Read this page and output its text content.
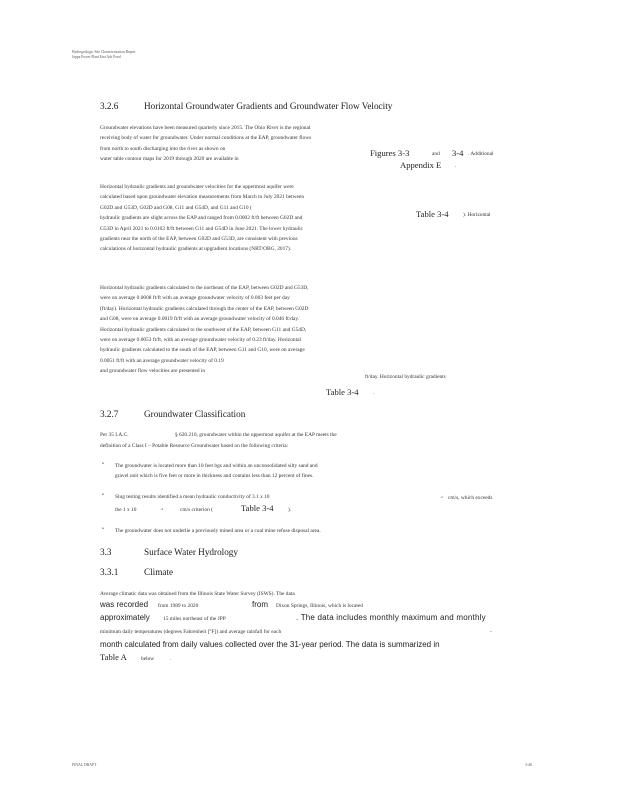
Hydrogeologic Site Characterization Report
Joppa Power Plant East Ash Pond
3.2.6	Horizontal Groundwater Gradients and Groundwater Flow Velocity
Groundwater elevations have been measured quarterly since 2015. The Ohio River is the regional
receiving body of water for groundwater. Under normal conditions at the EAP, groundwater flows
from north to south discharging into the river as shown on
water table contour maps for 2019 through 2020 are available in
Figures 3-3	and 3-4 . Additional
Appendix E	.
Horizontal hydraulic gradients and groundwater velocities for the uppermost aquifer were
calculated based upon groundwater elevation measurements from March to July 2021 between
G02D and G53D, G02D and G08, G11 and G54D, and G11 and G10 (
hydraulic gradients are slight across the EAP and ranged from 0.0002 ft/ft between G02D and
G53D in April 2021 to 0.0103 ft/ft between G11 and G54D in June 2021. The lower hydraulic
gradients near the north of the EAP, between G02D and G53D, are consistent with previous
calculations of horizontal hydraulic gradients at upgradient locations (NRT/OBG, 2017).
Table 3-4	). Horizontal
Horizontal hydraulic gradients calculated to the northeast of the EAP, between G02D and G53D,
were on average 0.0008 ft/ft with an average groundwater velocity of 0.003 feet per day
(ft/day). Horizontal hydraulic gradients calculated through the center of the EAP, between G02D
and G08, were on average 0.0019 ft/ft with an average groundwater velocity of 0.046 ft/day.
Horizontal hydraulic gradients calculated to the southwest of the EAP, between G11 and G54D,
were on average 0.0053 ft/ft, with an average groundwater velocity of 0.23 ft/day. Horizontal
hydraulic gradients calculated to the south of the EAP, between G11 and G10, were on average
0.0051 ft/ft with an average groundwater velocity of 0.19
and groundwater flow velocities are presented in
ft/day. Horizontal hydraulic gradients
Table 3-4	.
3.2.7	Groundwater Classification
Per 35 I.A.C.	§ 620.210, groundwater within the uppermost aquifer at the EAP meets the
definition of a Class I – Potable Resource Groundwater based on the following criteria:
• The groundwater is located more than 10 feet bgs and within an unconsolidated silty sand and
gravel unit which is five feet or more in thickness and contains less than 12 percent of fines.
• Slug testing results identified a mean hydraulic conductivity of 3.1 x 10	$^{-2}$ cm/s, which exceeds
the 1 x 10	$^{-4}$	cm/s criterion (	Table 3-4	).
• The groundwater does not underlie a previously mined area or a coal mine refuse disposal area.
3.3	Surface Water Hydrology
3.3.1	Climate
Average climatic data was obtained from the Illinois State Water Survey (ISWS). The data
was recorded from 1989 to 2020	from Dixon Springs, Illinois, which is located
approximately 15 miles northeast of the JPP	. The data includes monthly maximum and monthly
minimum daily temperatures (degrees Fahrenheit [°F]) and average rainfall for each	-
month calculated from daily values collected over the 31-year period. The data is summarized in
Table A	below	.
FINAL DRAFT	3-46
